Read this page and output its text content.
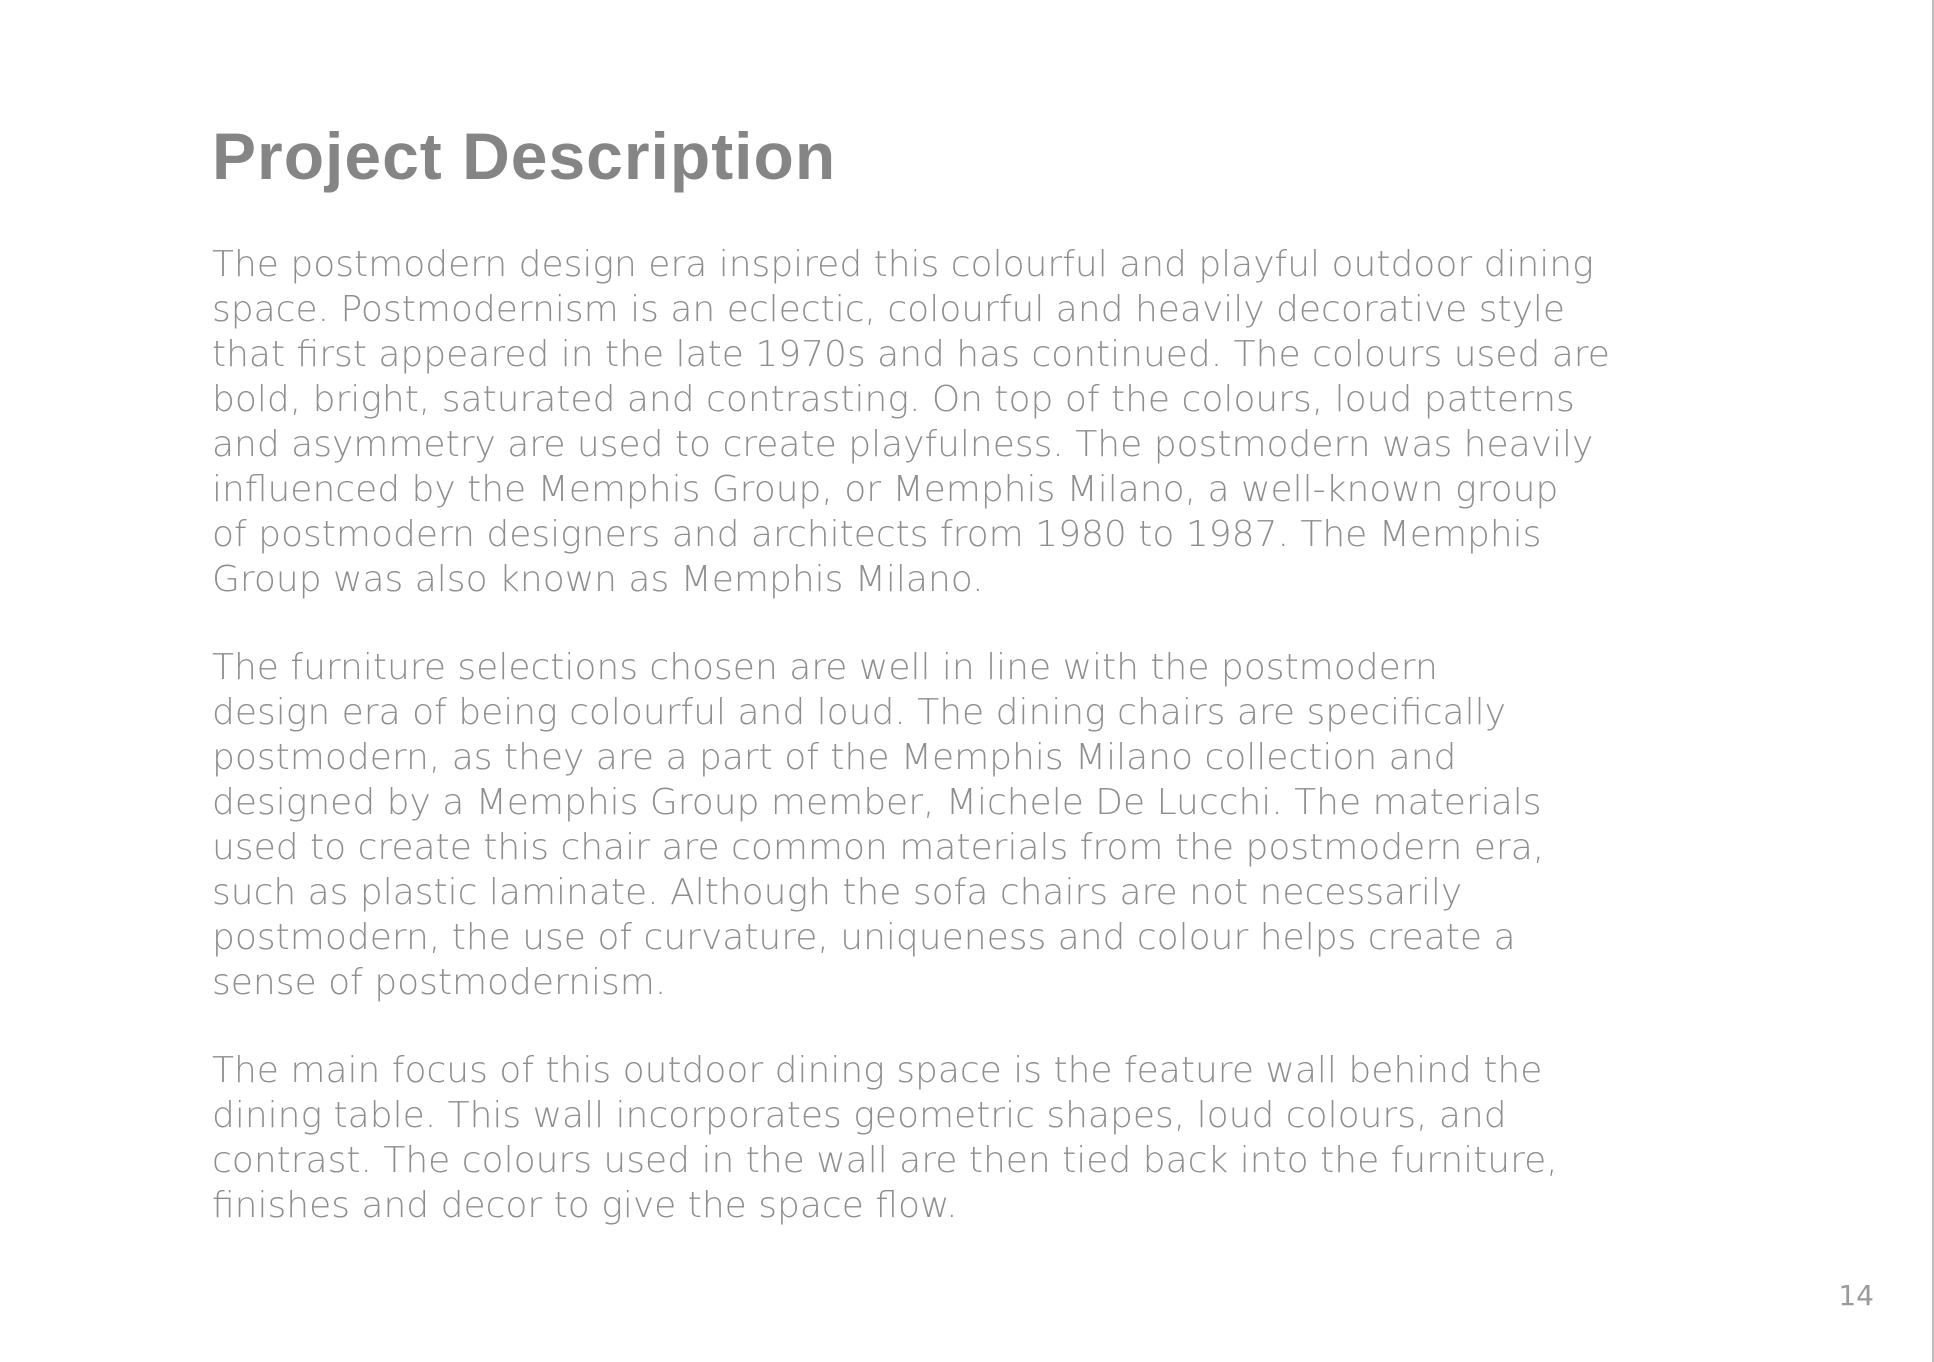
Project Description

The postmodern design era inspired this colourful and playful outdoor dining
space. Postmodernism is an eclectic, colourful and heavily decorative style
that first appeared in the late 1970s and has continued. The colours used are
bold, bright, saturated and contrasting. On top of the colours, loud patterns
and asymmetry are used to create playfulness. The postmodern was heavily
influenced by the Memphis Group, or Memphis Milano, a well-known group
of postmodern designers and architects from 1980 to 1987. The Memphis
Group was also known as Memphis Milano.

The furniture selections chosen are well in line with the postmodern
design era of being colourful and loud. The dining chairs are specifically
postmodern, as they are a part of the Memphis Milano collection and
designed by a Memphis Group member, Michele De Lucchi. The materials
used to create this chair are common materials from the postmodern era,
such as plastic laminate. Although the sofa chairs are not necessarily
postmodern, the use of curvature, uniqueness and colour helps create a
sense of postmodernism.

The main focus of this outdoor dining space is the feature wall behind the
dining table. This wall incorporates geometric shapes, loud colours, and
contrast. The colours used in the wall are then tied back into the furniture,
finishes and decor to give the space flow.

14
